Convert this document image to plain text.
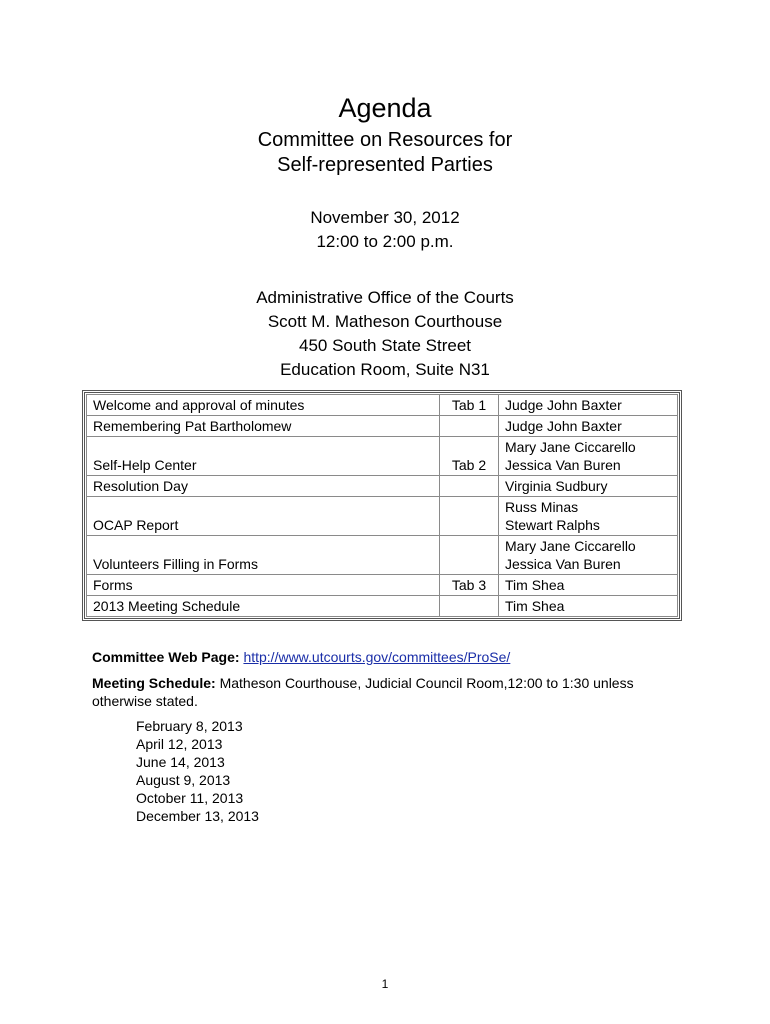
Agenda
Committee on Resources for
Self-represented Parties
November 30, 2012
12:00 to 2:00 p.m.
Administrative Office of the Courts
Scott M. Matheson Courthouse
450 South State Street
Education Room, Suite N31
Welcome and approval of minutes	Tab 1	Judge John Baxter

Remembering Pat Bartholomew		Judge John Baxter

Self-Help Center	Tab 2	Mary Jane Ciccarello
Jessica Van Buren

Resolution Day		Virginia Sudbury

OCAP Report		Russ Minas
Stewart Ralphs

Volunteers Filling in Forms		Mary Jane Ciccarello
Jessica Van Buren

Forms	Tab 3	Tim Shea

2013 Meeting Schedule		Tim Shea
Committee Web Page: http://www.utcourts.gov/committees/ProSe/
Meeting Schedule: Matheson Courthouse, Judicial Council Room,12:00 to 1:30 unless otherwise stated.
February 8, 2013
April 12, 2013
June 14, 2013
August 9, 2013
October 11, 2013
December 13, 2013
1
